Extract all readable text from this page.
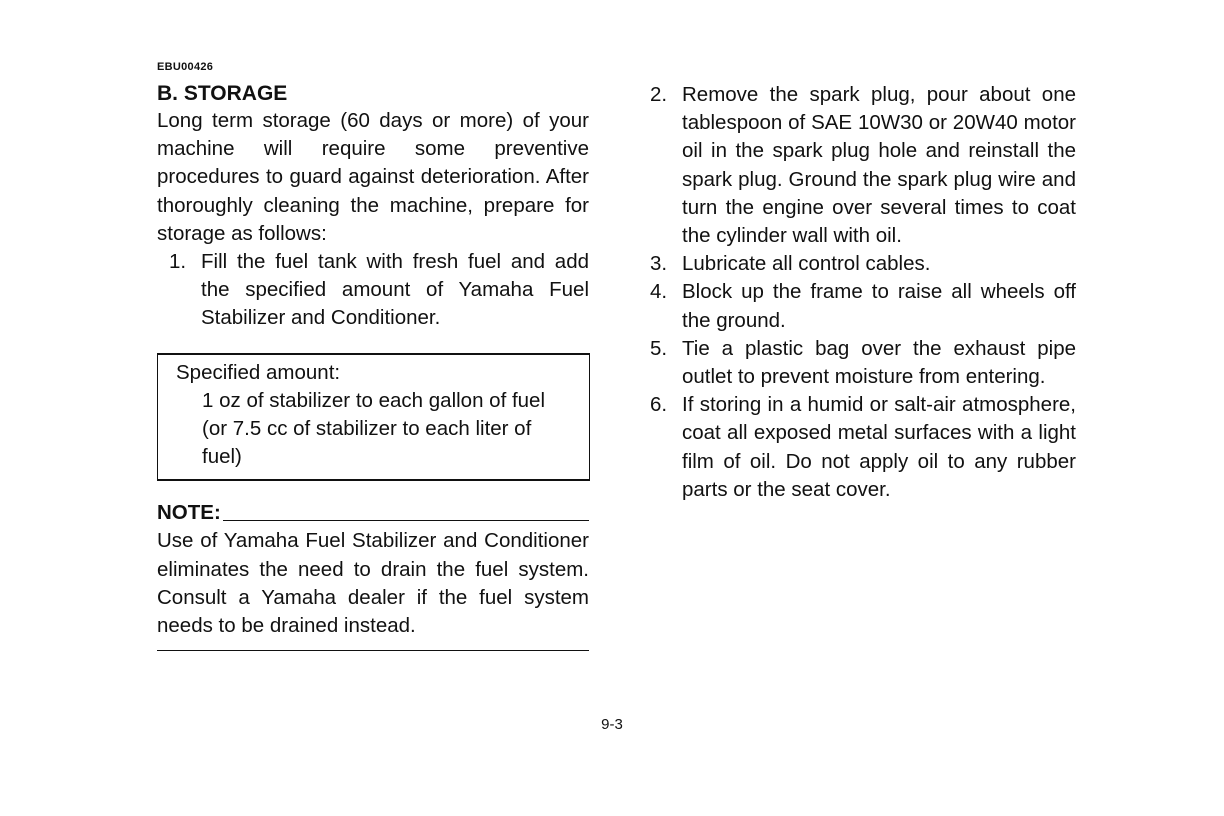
EBU00426
B. STORAGE

Long term storage (60 days or more) of your machine will require some preventive procedures to guard against deterioration. After thoroughly cleaning the machine, prepare for storage as follows:

1. Fill the fuel tank with fresh fuel and add the specified amount of Yamaha Fuel Stabilizer and Conditioner.

Specified amount:

1 oz of stabilizer to each gallon of fuel (or 7.5 cc of stabilizer to each liter of fuel)

NOTE:

Use of Yamaha Fuel Stabilizer and Conditioner eliminates the need to drain the fuel system. Consult a Yamaha dealer if the fuel system needs to be drained instead.

2. Remove the spark plug, pour about one tablespoon of SAE 10W30 or 20W40 motor oil in the spark plug hole and reinstall the spark plug. Ground the spark plug wire and turn the engine over several times to coat the cylinder wall with oil.
3. Lubricate all control cables.
4. Block up the frame to raise all wheels off the ground.
5. Tie a plastic bag over the exhaust pipe outlet to prevent moisture from entering.
6. If storing in a humid or salt-air atmosphere, coat all exposed metal surfaces with a light film of oil. Do not apply oil to any rubber parts or the seat cover.
9-3
